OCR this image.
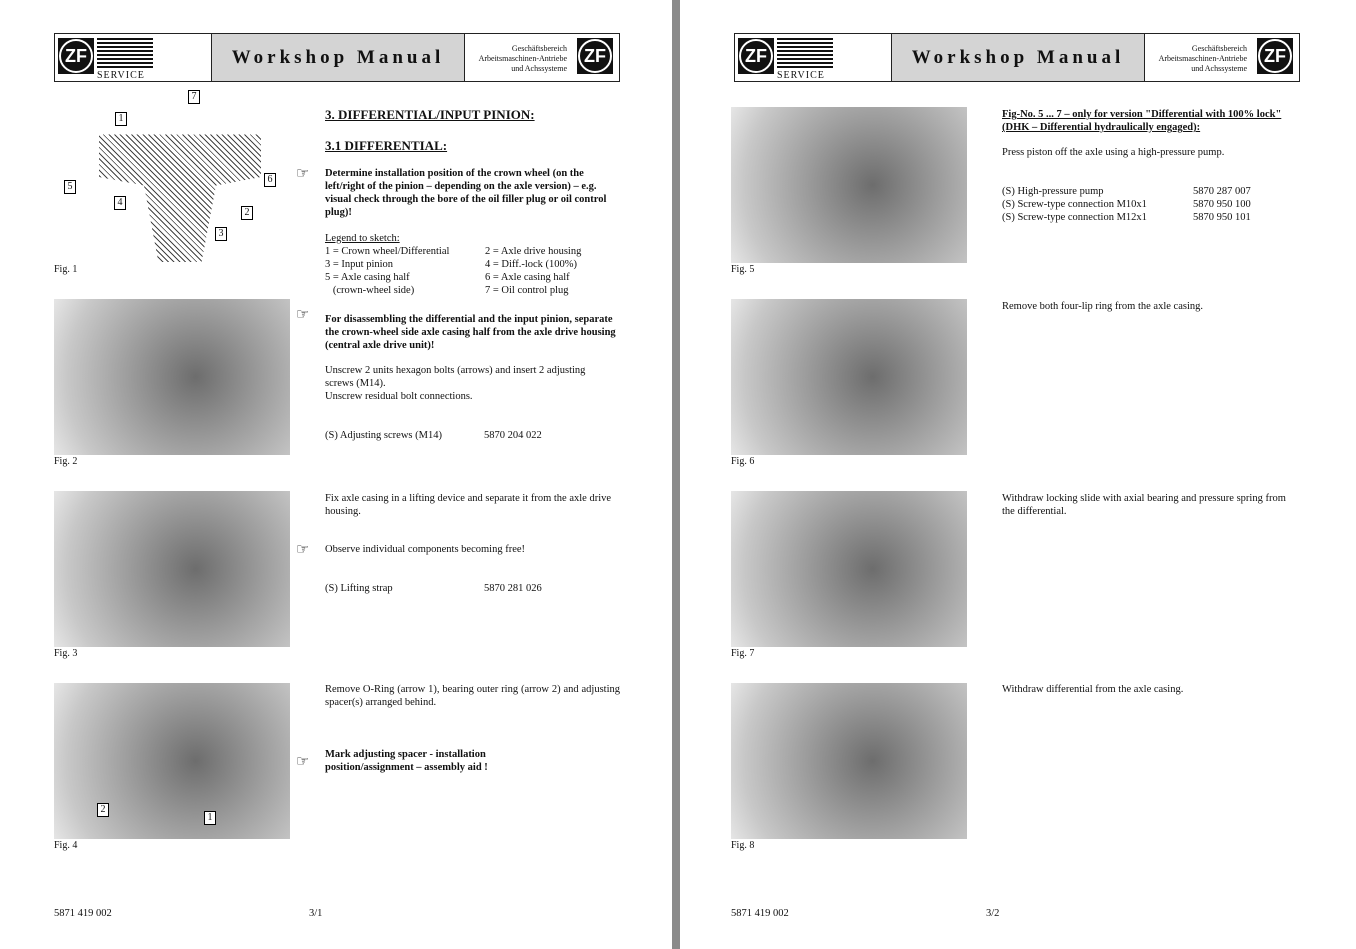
ZF
SERVICE
Workshop Manual	Geschäftsbereich
Arbeitsmaschinen-Antriebe
und Achssysteme
ZF
7
1
5
6
4
2
3
Fig. 1
Fig. 2
Fig. 3
2
1
Fig. 4
3. DIFFERENTIAL/INPUT PINION:
3.1 DIFFERENTIAL:
☞ Determine installation position of the crown wheel (on the left/right of the pinion – depending on the axle version) – e.g. visual check through the bore of the oil filler plug or oil control plug)!
Legend to sketch:
1 = Crown wheel/Differential	2 = Axle drive housing
3 = Input pinion	4 = Diff.-lock (100%)
5 = Axle casing half	6 = Axle casing half
(crown-wheel side)	7 = Oil control plug
☞ For disassembling the differential and the input pinion, separate the crown-wheel side axle casing half from the axle drive housing (central axle drive unit)!
Unscrew 2 units hexagon bolts (arrows) and insert 2 adjusting screws (M14).
Unscrew residual bolt connections.
(S) Adjusting screws (M14)	5870 204 022
Fix axle casing in a lifting device and separate it from the axle drive housing.
☞ Observe individual components becoming free!
(S) Lifting strap	5870 281 026
Remove O-Ring (arrow 1), bearing outer ring (arrow 2) and adjusting spacer(s) arranged behind.
☞ Mark adjusting spacer - installation position/assignment – assembly aid !
5871 419 002	3/1
ZF
SERVICE
Workshop Manual	Geschäftsbereich
Arbeitsmaschinen-Antriebe
und Achssysteme
ZF
Fig. 5
Fig. 6
Fig. 7
Fig. 8
Fig-No. 5 ... 7 – only for version "Differential with 100% lock" (DHK – Differential hydraulically engaged):
Press piston off the axle using a high-pressure pump.
(S) High-pressure pump	5870 287 007
(S) Screw-type connection M10x1	5870 950 100
(S) Screw-type connection M12x1	5870 950 101
Remove both four-lip ring from the axle casing.
Withdraw locking slide with axial bearing and pressure spring from the differential.
Withdraw differential from the axle casing.
5871 419 002	3/2
